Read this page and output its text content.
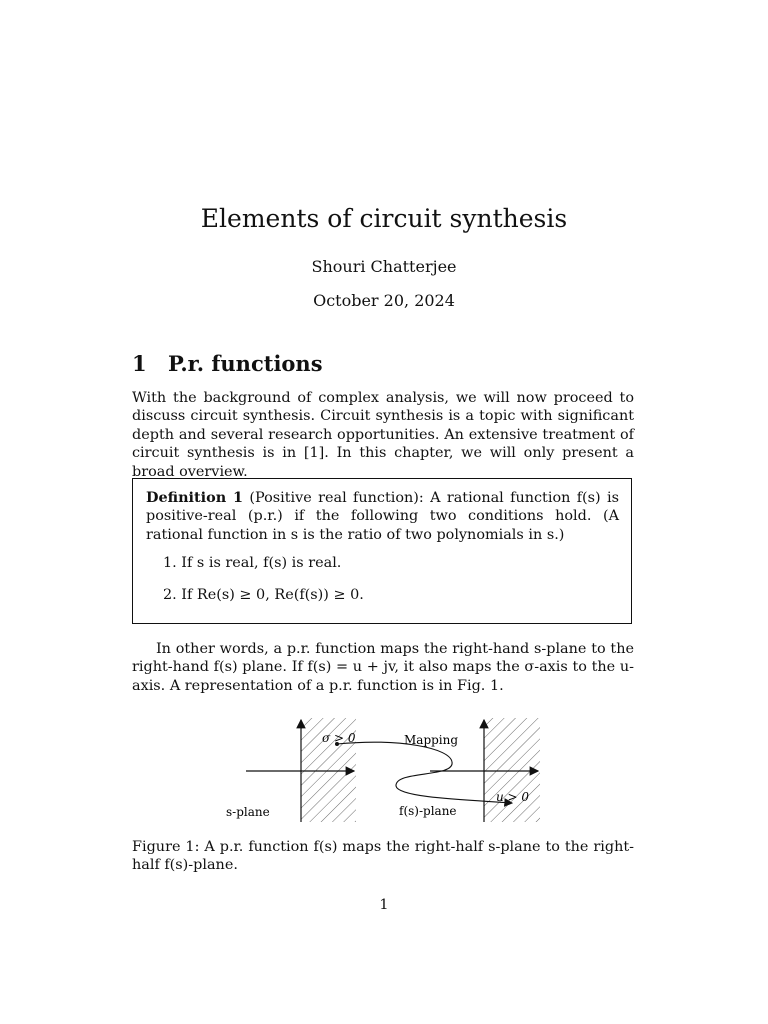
Elements of circuit synthesis
Shouri Chatterjee
October 20, 2024
1 P.r. functions
With the background of complex analysis, we will now proceed to discuss circuit synthesis. Circuit synthesis is a topic with significant depth and several research opportunities. An extensive treatment of circuit synthesis is in [1]. In this chapter, we will only present a broad overview.
Definition 1 (Positive real function): A rational function f(s) is positive-real (p.r.) if the following two conditions hold. (A rational function in s is the ratio of two polynomials in s.)
1. If s is real, f(s) is real.
2. If Re(s) ≥ 0, Re(f(s)) ≥ 0.
In other words, a p.r. function maps the right-hand s-plane to the right-hand f(s) plane. If f(s) = u + jv, it also maps the σ-axis to the u-axis. A representation of a p.r. function is in Fig. 1.
σ > 0	Mapping
s-plane	f(s)-plane
u > 0
Figure 1: A p.r. function f(s) maps the right-half s-plane to the right-half f(s)-plane.
1
